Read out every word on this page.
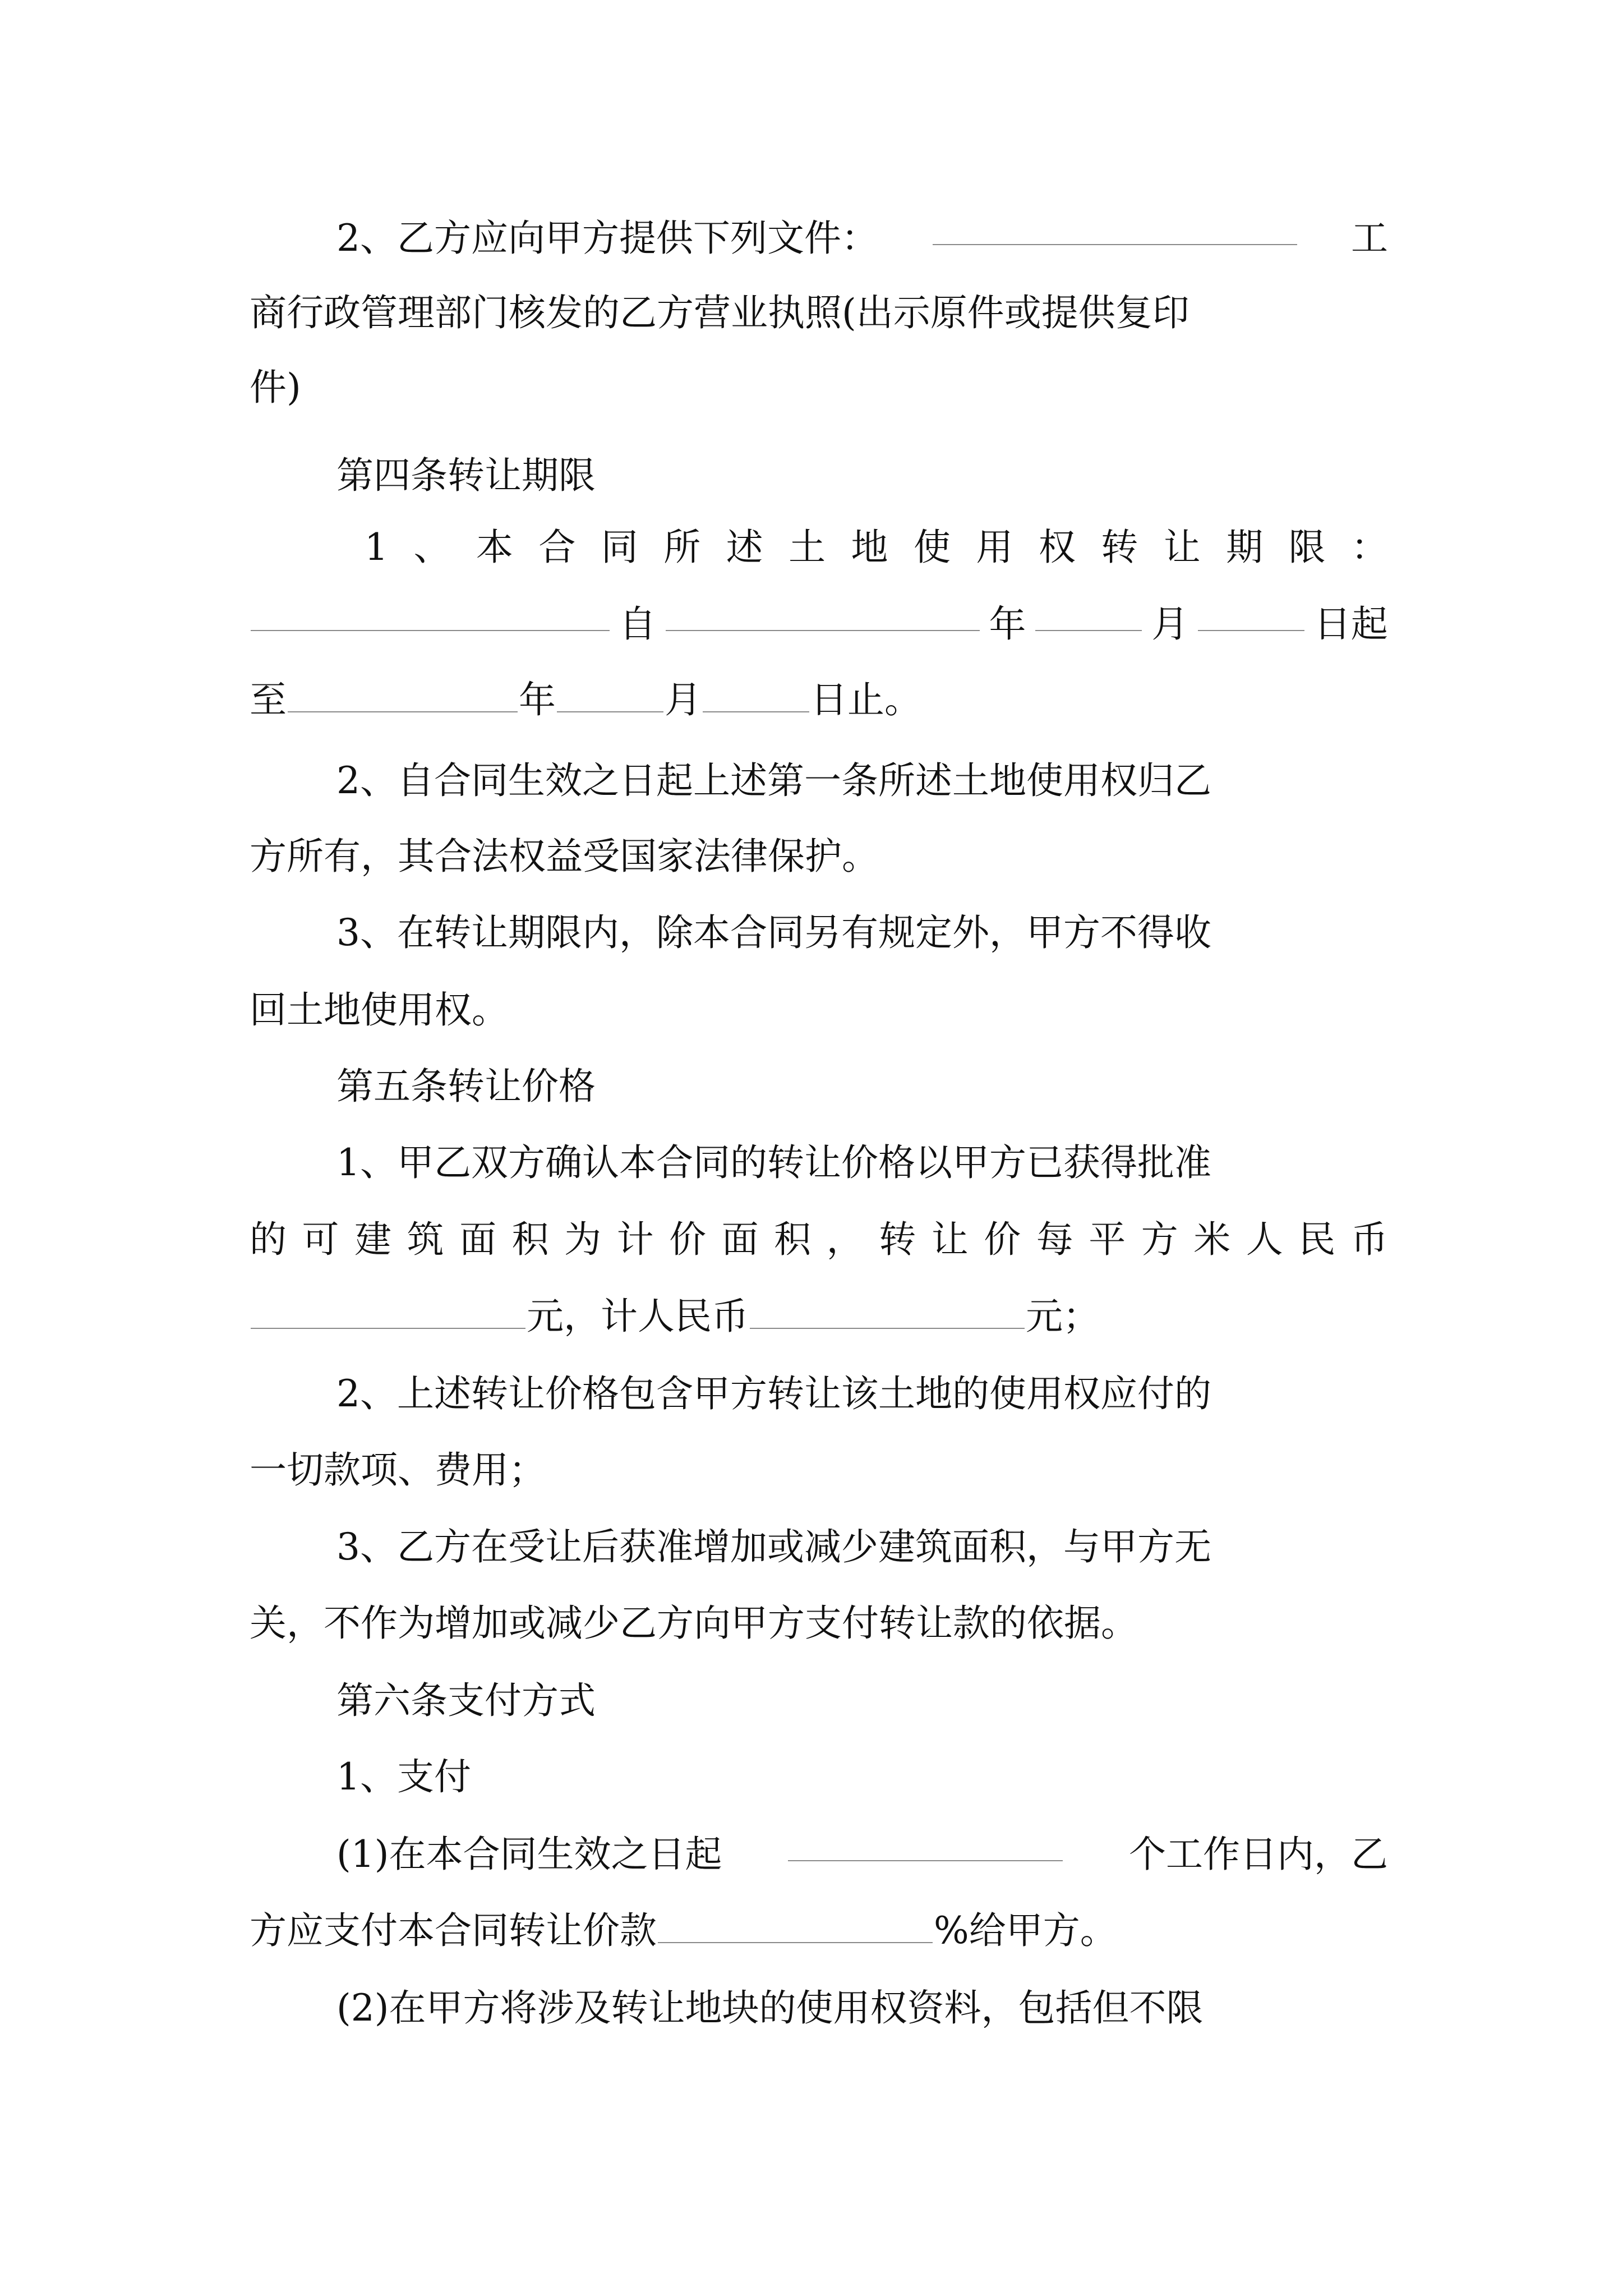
2、乙方应向甲方提供下列文件：	工
商行政管理部门核发的乙方营业执照(出示原件或提供复印
件)
第四条转让期限
1 、 本 合 同 所 述 土 地 使 用 权 转 让 期 限 ：
自	年	月	日起
至	年	月	日止。
2、自合同生效之日起上述第一条所述土地使用权归乙
方所有，其合法权益受国家法律保护。
3、在转让期限内，除本合同另有规定外，甲方不得收
回土地使用权。
第五条转让价格
1、甲乙双方确认本合同的转让价格以甲方已获得批准
的 可 建 筑 面 积 为 计 价 面 积 ， 转 让 价 每 平 方 米 人 民 币
元，计人民币	元；
2、上述转让价格包含甲方转让该土地的使用权应付的
一切款项、费用；
3、乙方在受让后获准增加或减少建筑面积，与甲方无
关，不作为增加或减少乙方向甲方支付转让款的依据。
第六条支付方式
1、支付
(1)在本合同生效之日起	个工作日内，乙
方应支付本合同转让价款	%给甲方。
(2)在甲方将涉及转让地块的使用权资料，包括但不限
